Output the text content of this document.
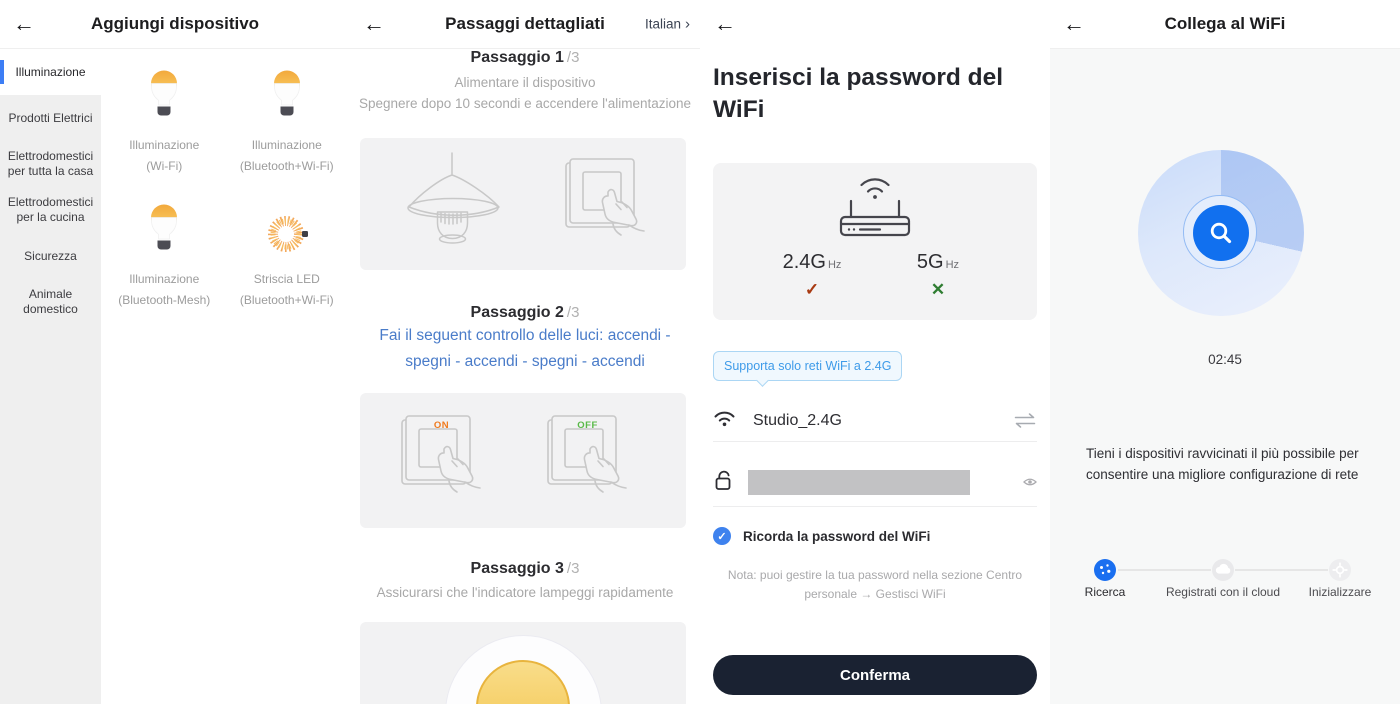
←	Aggiungi dispositivo
Illuminazione
Prodotti Elettrici
Elettrodomestici per tutta la casa
Elettrodomestici per la cucina
Sicurezza
Animale domestico
Illuminazione
(Wi-Fi)
Illuminazione
(Bluetooth+Wi-Fi)
Illuminazione
(Bluetooth-Mesh)
Striscia LED
(Bluetooth+Wi-Fi)
←	Passaggi dettagliati	Italian ›
Passaggio 1 /3
Alimentare il dispositivo
Spegnere dopo 10 secondi e accendere l'alimentazione
Passaggio 2 /3
Fai il seguent controllo delle luci: accendi - spegni - accendi - spegni - accendi
ON	OFF
Passaggio 3 /3
Assicurarsi che l'indicatore lampeggi rapidamente
←
Inserisci la password del WiFi
2.4G Hz
✓
5G Hz
✕
Supporta solo reti WiFi a 2.4G
Studio_2.4G
✓	Ricorda la password del WiFi
Nota: puoi gestire la tua password nella sezione Centro personale → Gestisci WiFi
Conferma
←	Collega al WiFi
02:45
Tieni i dispositivi ravvicinati il più possibile per consentire una migliore configurazione di rete
Ricerca	Registrati con il cloud	Inizializzare
